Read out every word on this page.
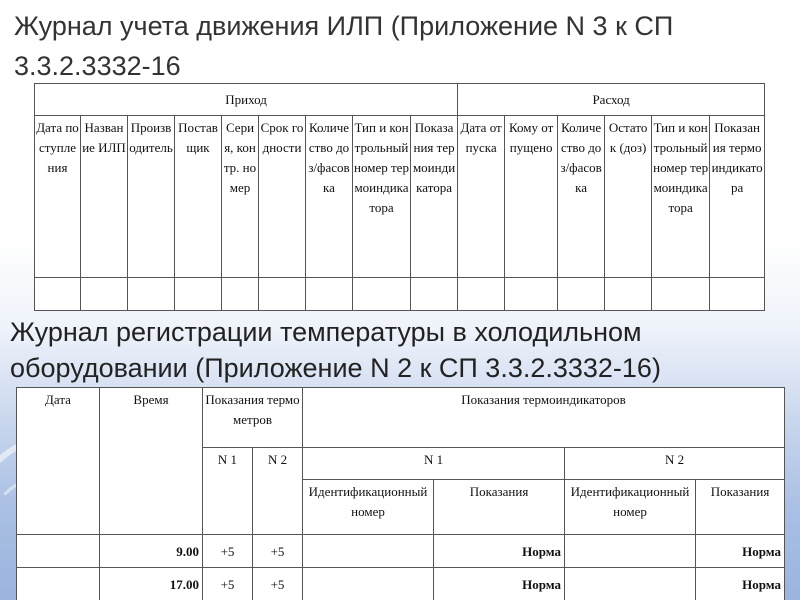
Журнал учета движения ИЛП (Приложение N 3 к СП 3.3.2.3332-16
Приход									Расход					
Дата поступления	Название ИЛП	Производитель	Поставщик	Серия, контр. номер	Срок годности	Количество доз/фасовка	Тип и контрольный номер термоиндикатора	Показания термоиндикатора	Дата отпуска	Кому отпущено	Количество доз/фасовка	Остаток (доз)	Тип и контрольный номер термоиндикатора	Показания термоиндикатора

Журнал регистрации температуры в холодильном оборудовании (Приложение N 2 к СП 3.3.2.3332-16)
Дата	Время	Показания термометров		Показания термоиндикаторов			
		N 1	N 2	N 1		N 2	
				Идентификационный номер	Показания	Идентификационный номер	Показания
	9.00	+5	+5		Норма		Норма
	17.00	+5	+5		Норма		Норма
